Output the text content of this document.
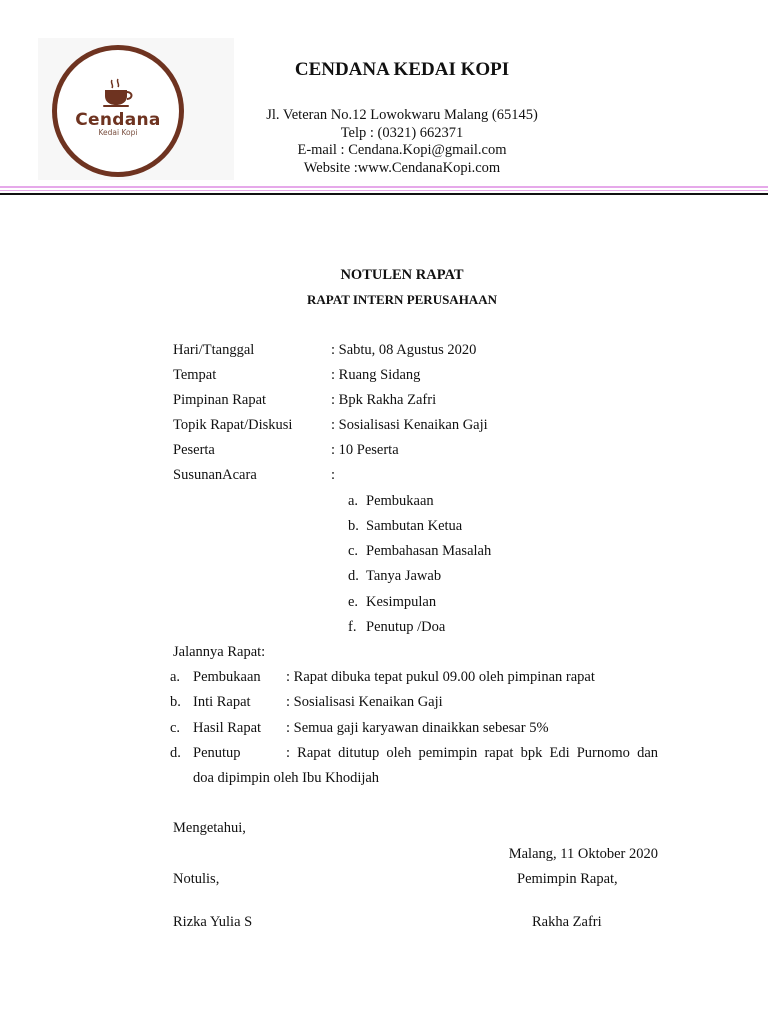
Cendana
Kedai Kopi
CENDANA KEDAI KOPI
Jl. Veteran No.12 Lowokwaru Malang (65145)
Telp : (0321) 662371
E-mail : Cendana.Kopi@gmail.com
Website :www.CendanaKopi.com
NOTULEN RAPAT
RAPAT INTERN PERUSAHAAN
Hari/Ttanggal	: Sabtu, 08 Agustus 2020
Tempat	: Ruang Sidang
Pimpinan Rapat	: Bpk Rakha Zafri
Topik Rapat/Diskusi	: Sosialisasi Kenaikan Gaji
Peserta	: 10 Peserta
SusunanAcara	:
a. Pembukaan
b. Sambutan Ketua
c. Pembahasan Masalah
d. Tanya Jawab
e. Kesimpulan
f. Penutup /Doa
Jalannya Rapat:
a. Pembukaan : Rapat dibuka tepat pukul 09.00 oleh pimpinan rapat
b. Inti Rapat : Sosialisasi Kenaikan Gaji
c. Hasil Rapat : Semua gaji karyawan dinaikkan sebesar 5%
d. Penutup	: Rapat ditutup oleh pemimpin rapat bpk Edi Purnomo dan
doa dipimpin oleh Ibu Khodijah
Mengetahui,
Malang, 11 Oktober 2020
Notulis,	Pemimpin Rapat,
Rizka Yulia S	Rakha Zafri
